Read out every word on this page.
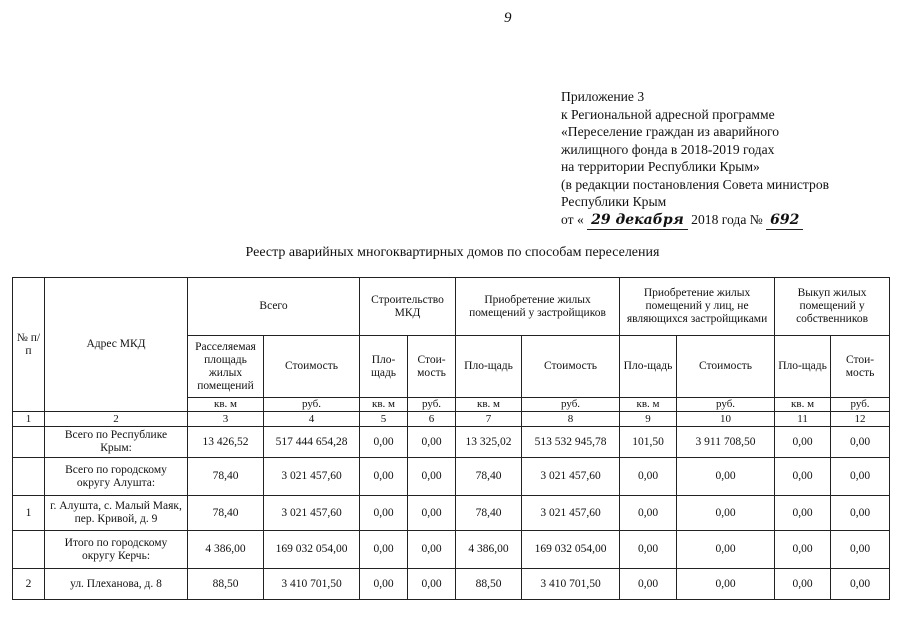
9
Приложение 3
к Региональной адресной программе
«Переселение граждан из аварийного
жилищного фонда в 2018-2019 годах
на территории Республики Крым»
(в редакции постановления Совета министров
Республики Крым
от « 29 декабря 2018 года № 692
Реестр аварийных многоквартирных домов по способам переселения
№ п/п	Адрес МКД	Всего		Строительство МКД		Приобретение жилых помещений у застройщиков		Приобретение жилых помещений у лиц, не являющихся застройщиками		Выкуп жилых помещений у собственников	
		Расселяемая площадь жилых помещений	Стоимость	Пло-щадь	Стои-мость	Пло-щадь	Стоимость	Пло-щадь	Стоимость	Пло-щадь	Стои-мость
		кв. м	руб.	кв. м	руб.	кв. м	руб.	кв. м	руб.	кв. м	руб.
1	2	3	4	5	6	7	8	9	10	11	12
	Всего по Республике Крым:	13 426,52	517 444 654,28	0,00	0,00	13 325,02	513 532 945,78	101,50	3 911 708,50	0,00	0,00
	Всего по городскому округу Алушта:	78,40	3 021 457,60	0,00	0,00	78,40	3 021 457,60	0,00	0,00	0,00	0,00
1	г. Алушта, с. Малый Маяк, пер. Кривой, д. 9	78,40	3 021 457,60	0,00	0,00	78,40	3 021 457,60	0,00	0,00	0,00	0,00
	Итого по городскому округу Керчь:	4 386,00	169 032 054,00	0,00	0,00	4 386,00	169 032 054,00	0,00	0,00	0,00	0,00
2	ул. Плеханова, д. 8	88,50	3 410 701,50	0,00	0,00	88,50	3 410 701,50	0,00	0,00	0,00	0,00
